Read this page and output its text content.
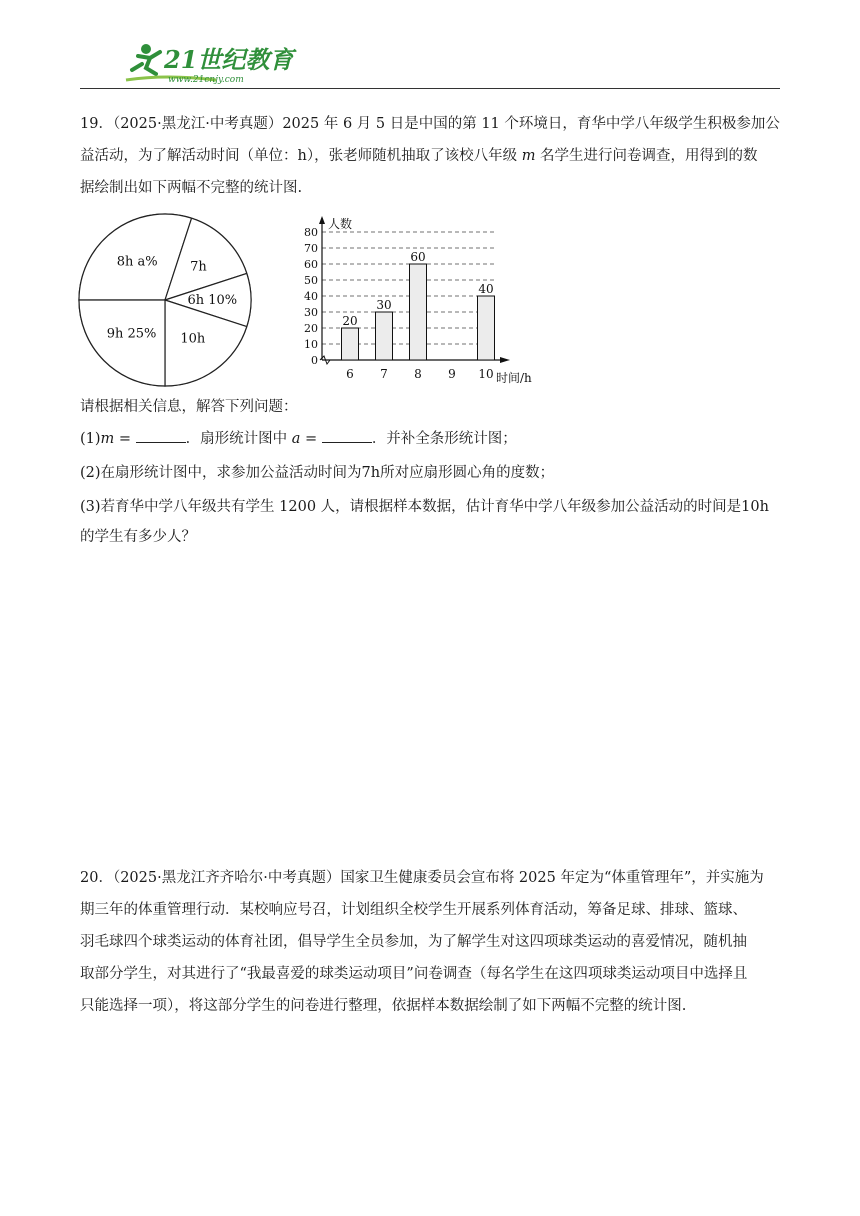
21世纪教育
www.21cnjy.com
19．（2025·黑龙江·中考真题）2025 年 6 月 5 日是中国的第 11 个环境日，育华中学八年级学生积极参加公
益活动，为了解活动时间（单位：h），张老师随机抽取了该校八年级 m 名学生进行问卷调查，用得到的数
据绘制出如下两幅不完整的统计图.
8h a% 7h
6h 10%
10h
9h 25%
0
10
20
30
40
50
60
70
80
人数
时间/h
20
6
30
7
60
8 9
40
10
请根据相关信息，解答下列问题：
(1)m =	．扇形统计图中 a =	．并补全条形统计图；
(2)在扇形统计图中，求参加公益活动时间为7h所对应扇形圆心角的度数；
(3)若育华中学八年级共有学生 1200 人，请根据样本数据，估计育华中学八年级参加公益活动的时间是10h
的学生有多少人？
20．（2025·黑龙江齐齐哈尔·中考真题）国家卫生健康委员会宣布将 2025 年定为“体重管理年”，并实施为
期三年的体重管理行动．某校响应号召，计划组织全校学生开展系列体育活动，筹备足球、排球、篮球、
羽毛球四个球类运动的体育社团，倡导学生全员参加，为了解学生对这四项球类运动的喜爱情况，随机抽
取部分学生，对其进行了“我最喜爱的球类运动项目”问卷调查（每名学生在这四项球类运动项目中选择且
只能选择一项），将这部分学生的问卷进行整理，依据样本数据绘制了如下两幅不完整的统计图.
